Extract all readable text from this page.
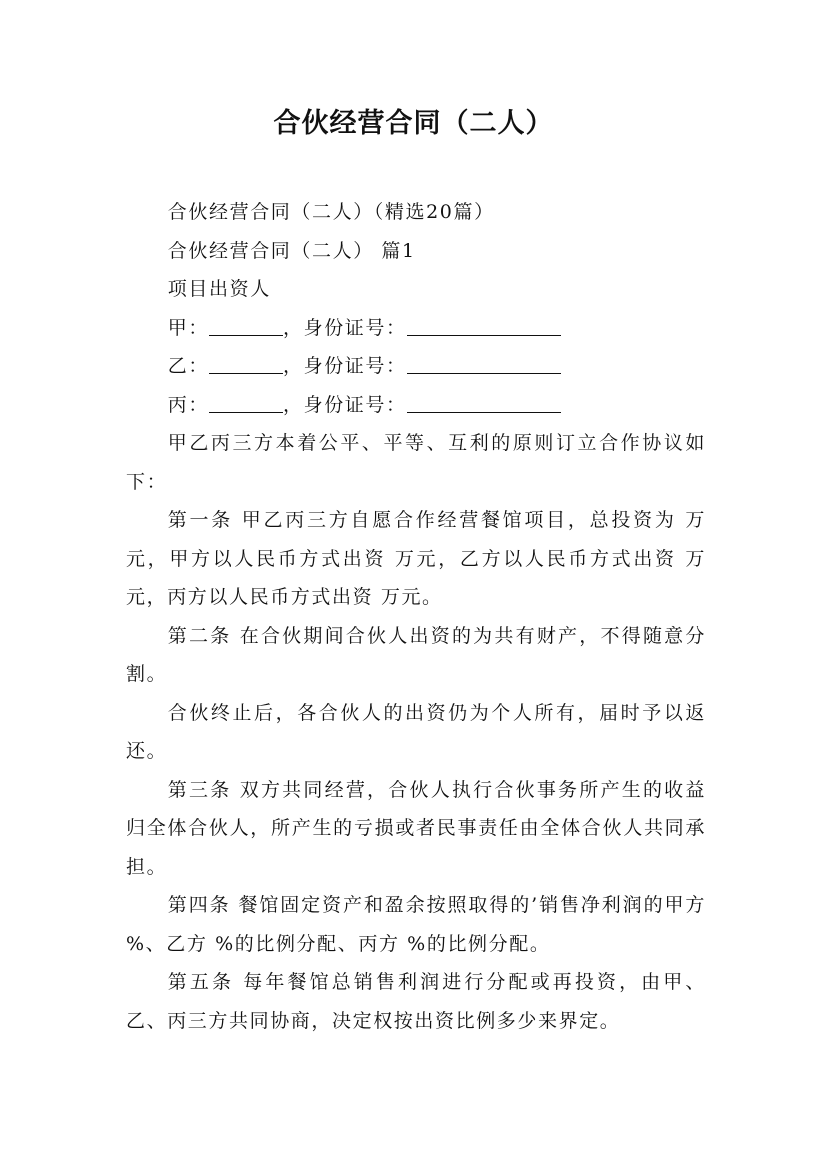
合伙经营合同（二人）

合伙经营合同（二人）（精选20篇）

合伙经营合同（二人） 篇1

项目出资人

甲：	，身份证号：

乙：	，身份证号：

丙：	，身份证号：

甲乙丙三方本着公平、平等、互利的原则订立合作协议如下：

第一条 甲乙丙三方自愿合作经营餐馆项目，总投资为 万元，甲方以人民币方式出资 万元，乙方以人民币方式出资 万元，丙方以人民币方式出资 万元。

第二条 在合伙期间合伙人出资的为共有财产，不得随意分割。

合伙终止后，各合伙人的出资仍为个人所有，届时予以返还。

第三条 双方共同经营，合伙人执行合伙事务所产生的收益归全体合伙人，所产生的亏损或者民事责任由全体合伙人共同承担。

第四条 餐馆固定资产和盈余按照取得的’销售净利润的甲方 %、乙方 %的比例分配、丙方 %的比例分配。

第五条 每年餐馆总销售利润进行分配或再投资，由甲、乙、丙三方共同协商，决定权按出资比例多少来界定。
